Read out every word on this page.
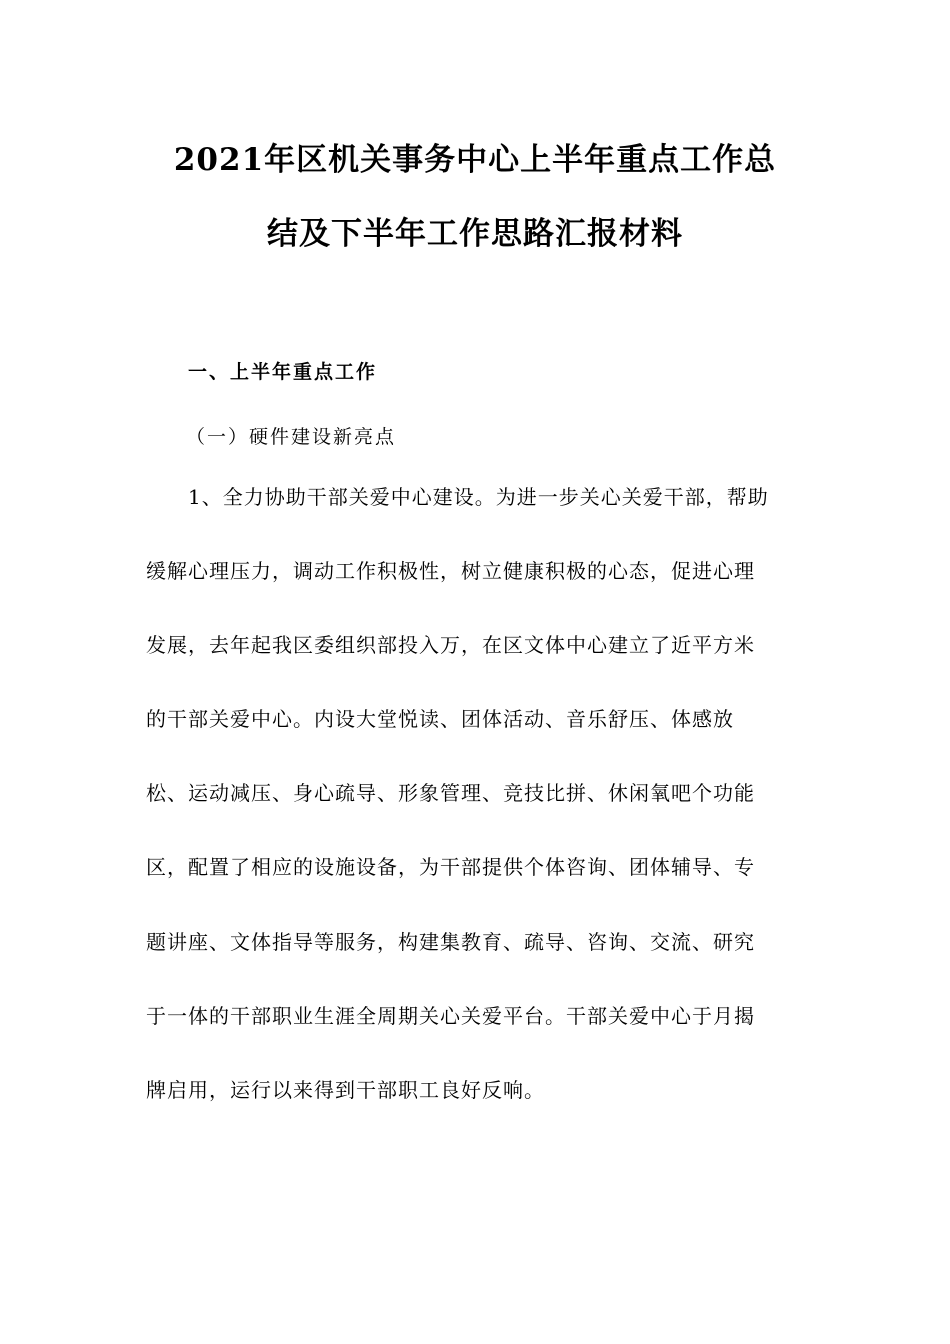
2021年区机关事务中心上半年重点工作总
结及下半年工作思路汇报材料
一、上半年重点工作
（一）硬件建设新亮点
1、全力协助干部关爱中心建设。为进一步关心关爱干部，帮助
缓解心理压力，调动工作积极性，树立健康积极的心态，促进心理
发展，去年起我区委组织部投入万，在区文体中心建立了近平方米
的干部关爱中心。内设大堂悦读、团体活动、音乐舒压、体感放
松、运动减压、身心疏导、形象管理、竞技比拼、休闲氧吧个功能
区，配置了相应的设施设备，为干部提供个体咨询、团体辅导、专
题讲座、文体指导等服务，构建集教育、疏导、咨询、交流、研究
于一体的干部职业生涯全周期关心关爱平台。干部关爱中心于月揭
牌启用，运行以来得到干部职工良好反响。
